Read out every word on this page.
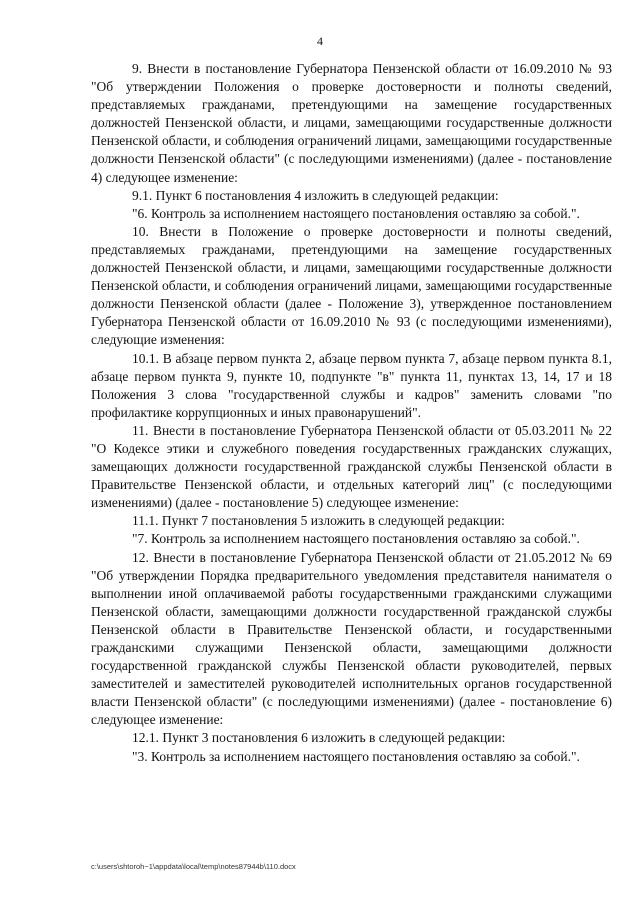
4

9. Внести в постановление Губернатора Пензенской области от 16.09.2010 № 93 "Об утверждении Положения о проверке достоверности и полноты сведений, представляемых гражданами, претендующими на замещение государственных должностей Пензенской области, и лицами, замещающими государственные должности Пензенской области, и соблюдения ограничений лицами, замещающими государственные должности Пензенской области" (с последующими изменениями) (далее - постановление 4) следующее изменение:

9.1. Пункт 6 постановления 4 изложить в следующей редакции:

"6. Контроль за исполнением настоящего постановления оставляю за собой.".

10. Внести в Положение о проверке достоверности и полноты сведений, представляемых гражданами, претендующими на замещение государственных должностей Пензенской области, и лицами, замещающими государственные должности Пензенской области, и соблюдения ограничений лицами, замещающими государственные должности Пензенской области (далее - Положение 3), утвержденное постановлением Губернатора Пензенской области от 16.09.2010 № 93 (с последующими изменениями), следующие изменения:

10.1. В абзаце первом пункта 2, абзаце первом пункта 7, абзаце первом пункта 8.1, абзаце первом пункта 9, пункте 10, подпункте "в" пункта 11, пунктах 13, 14, 17 и 18 Положения 3 слова "государственной службы и кадров" заменить словами "по профилактике коррупционных и иных правонарушений".

11. Внести в постановление Губернатора Пензенской области от 05.03.2011 № 22 "О Кодексе этики и служебного поведения государственных гражданских служащих, замещающих должности государственной гражданской службы Пензенской области в Правительстве Пензенской области, и отдельных категорий лиц" (с последующими изменениями) (далее - постановление 5) следующее изменение:

11.1. Пункт 7 постановления 5 изложить в следующей редакции:

"7. Контроль за исполнением настоящего постановления оставляю за собой.".

12. Внести в постановление Губернатора Пензенской области от 21.05.2012 № 69 "Об утверждении Порядка предварительного уведомления представителя нанимателя о выполнении иной оплачиваемой работы государственными гражданскими служащими Пензенской области, замещающими должности государственной гражданской службы Пензенской области в Правительстве Пензенской области, и государственными гражданскими служащими Пензенской области, замещающими должности государственной гражданской службы Пензенской области руководителей, первых заместителей и заместителей руководителей исполнительных органов государственной власти Пензенской области" (с последующими изменениями) (далее - постановление 6) следующее изменение:

12.1. Пункт 3 постановления 6 изложить в следующей редакции:

"3. Контроль за исполнением настоящего постановления оставляю за собой.".

c:\users\shtoroh~1\appdata\local\temp\notes87944b\110.docx
